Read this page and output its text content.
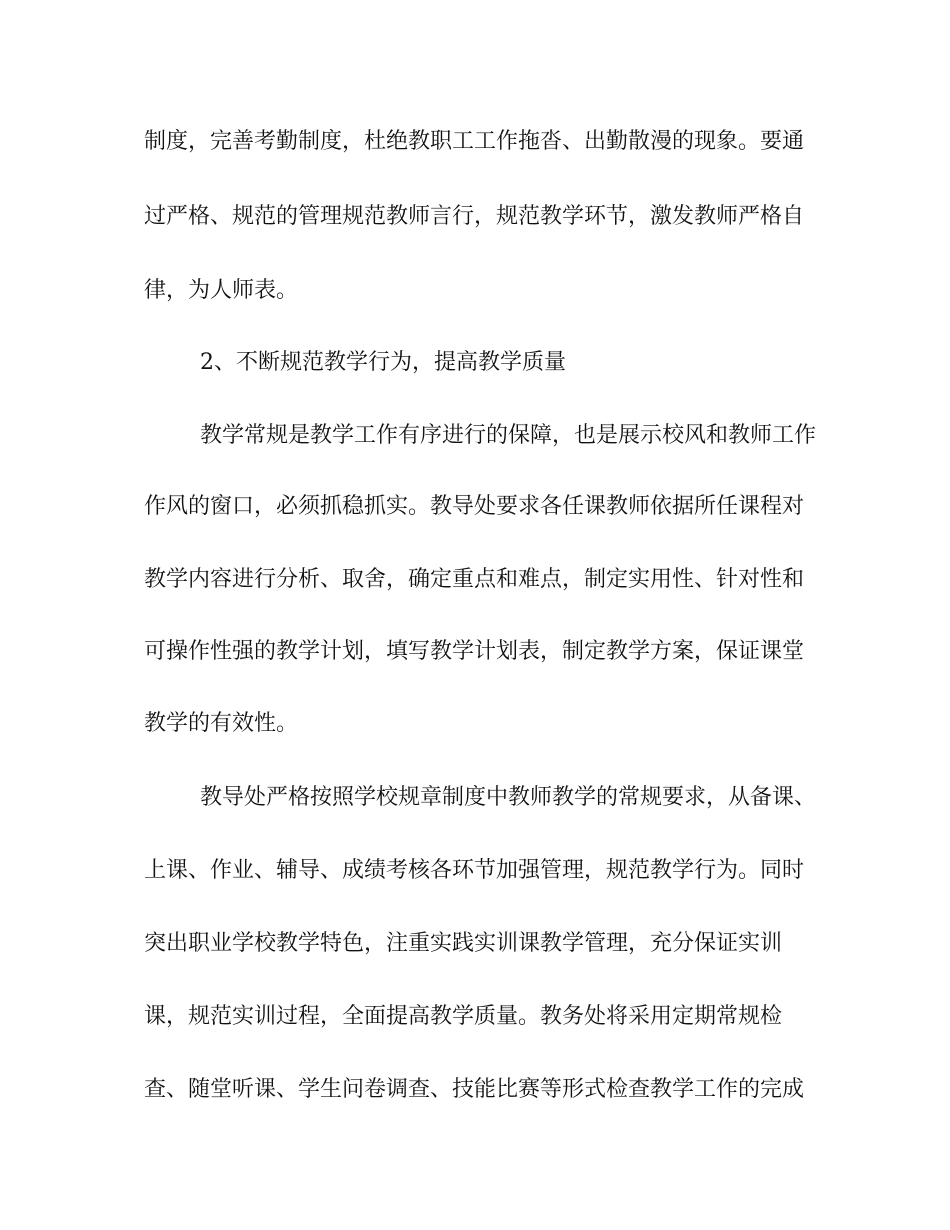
制度，完善考勤制度，杜绝教职工工作拖沓、出勤散漫的现象。要通
过严格、规范的管理规范教师言行，规范教学环节，激发教师严格自
律，为人师表。
2、不断规范教学行为，提高教学质量
教学常规是教学工作有序进行的保障，也是展示校风和教师工作
作风的窗口，必须抓稳抓实。教导处要求各任课教师依据所任课程对
教学内容进行分析、取舍，确定重点和难点，制定实用性、针对性和
可操作性强的教学计划，填写教学计划表，制定教学方案，保证课堂
教学的有效性。
教导处严格按照学校规章制度中教师教学的常规要求，从备课、
上课、作业、辅导、成绩考核各环节加强管理，规范教学行为。同时
突出职业学校教学特色，注重实践实训课教学管理，充分保证实训
课，规范实训过程，全面提高教学质量。教务处将采用定期常规检
查、随堂听课、学生问卷调查、技能比赛等形式检查教学工作的完成
